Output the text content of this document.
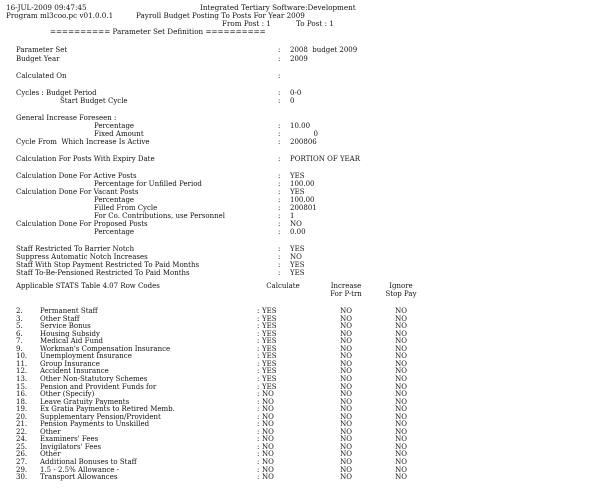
16-JUL-2009 09:47:45	Integrated Tertiary Software:Development
Program ml3coo.pc v01.0.0.1	Payroll Budget Posting To Posts For Year 2009
From Post : 1	To Post : 1
========== Parameter Set Definition ==========
Parameter Set	: 2008  budget 2009
Budget Year	: 2009
Calculated On	:
Cycles : Budget Period	: 0-0
Start Budget Cycle	: 0
General Increase Foreseen :
Percentage	: 10.00
Fixed Amount	:	0
Cycle From  Which Increase Is Active	: 200806
Calculation For Posts With Expiry Date	: PORTION OF YEAR
Calculation Done For Active Posts	: YES
Percentage for Unfilled Period	: 100.00
Calculation Done For Vacant Posts	: YES
Percentage	: 100.00
Filled From Cycle	: 200801
For Co. Contributions, use Personnel	: 1
Calculation Done For Proposed Posts	: NO
Percentage	: 0.00
Staff Restricted To Barrier Notch	: YES
Suppress Automatic Notch Increases	: NO
Staff With Stop Payment Restricted To Paid Months	: YES
Staff To-Be-Pensioned Restricted To Paid Months	: YES
Applicable STATS Table 4.07 Row Codes	Calculate	Increase
For P-trn
Ignore
Stop Pay
2.	Permanent Staff	: YES	NO	NO
3.	Other Staff	: YES	NO	NO
5.	Service Bonus	: YES	NO	NO
6.	Housing Subsidy	: YES	NO	NO
7.	Medical Aid Fund	: YES	NO	NO
9.	Workman's Compensation Insurance	: YES	NO	NO
10.	Unemployment Insurance	: YES	NO	NO
11.	Group Insurance	: YES	NO	NO
12.	Accident Insurance	: YES	NO	NO
13.	Other Non-Statutory Schemes	: YES	NO	NO
15.	Pension and Provident Funds for	: YES	NO	NO
16.	Other (Specify)	: NO	NO	NO
18.	Leave Gratuity Payments	: NO	NO	NO
19.	Ex Gratia Payments to Retired Memb.	: NO	NO	NO
20.	Supplementary Pension/Provident	: NO	NO	NO
21.	Pension Payments to Unskilled	: NO	NO	NO
22.	Other	: NO	NO	NO
24.	Examiners' Fees	: NO	NO	NO
25.	Invigilators' Fees	: NO	NO	NO
26.	Other	: NO	NO	NO
27.	Additional Bonuses to Staff	: NO	NO	NO
29.	1.5 - 2.5% Allowance -	: NO	NO	NO
30.	Transport Allowances	: NO	NO	NO
